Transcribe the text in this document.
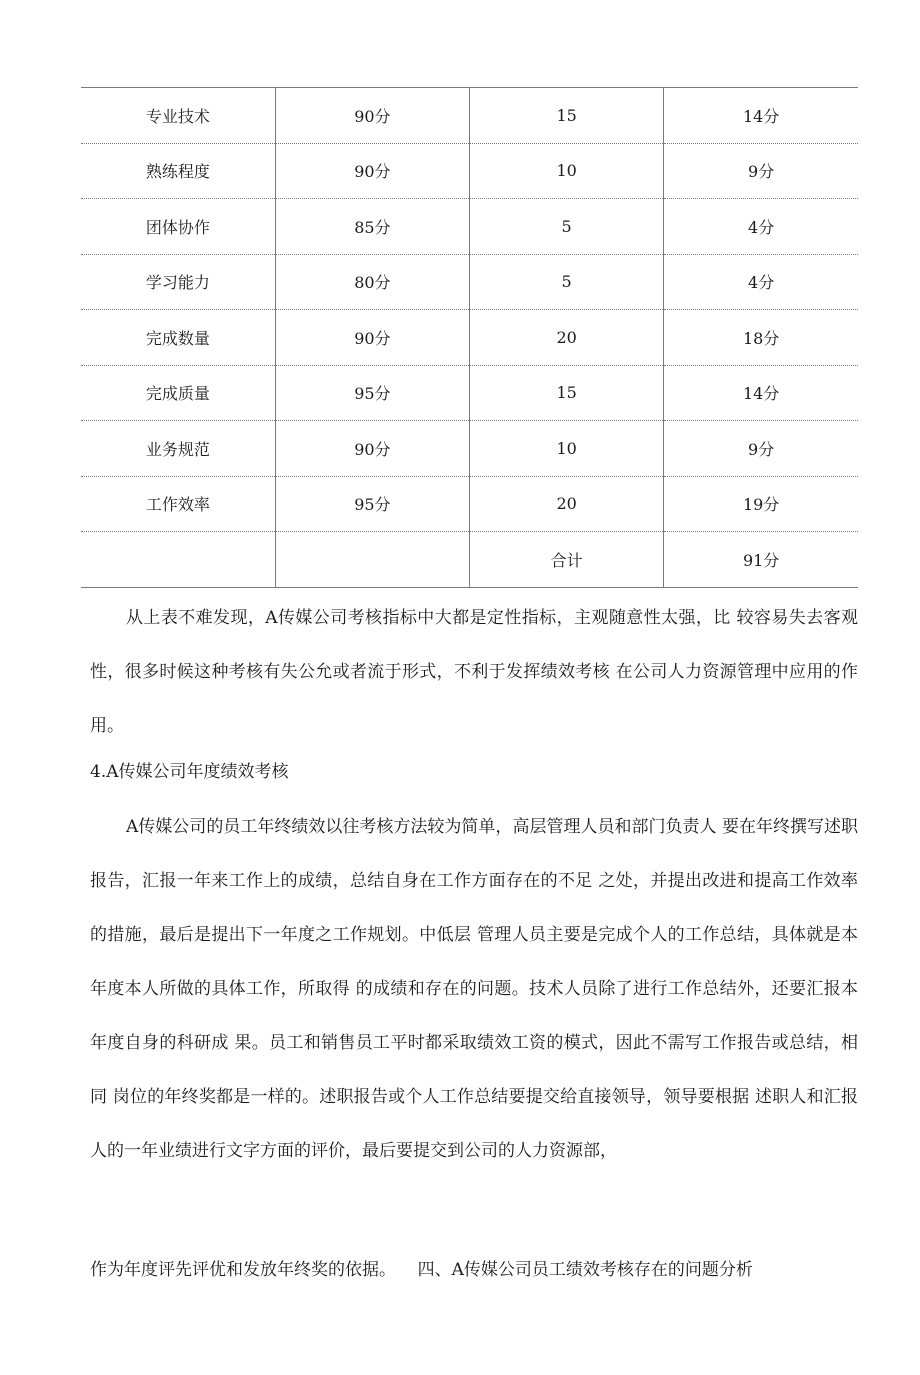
专业技术	90分	15	14分
熟练程度	90分	10	9分
团体协作	85分	5	4分
学习能力	80分	5	4分
完成数量	90分	20	18分
完成质量	95分	15	14分
业务规范	90分	10	9分
工作效率	95分	20	19分
		合计	91分

从上表不难发现，A传媒公司考核指标中大都是定性指标，主观随意性太强，比 较容易失去客观性，很多时候这种考核有失公允或者流于形式，不利于发挥绩效考核 在公司人力资源管理中应用的作用。

4.A传媒公司年度绩效考核

A传媒公司的员工年终绩效以往考核方法较为简单，高层管理人员和部门负责人 要在年终撰写述职报告，汇报一年来工作上的成绩，总结自身在工作方面存在的不足 之处，并提出改进和提高工作效率的措施，最后是提出下一年度之工作规划。中低层 管理人员主要是完成个人的工作总结，具体就是本年度本人所做的具体工作，所取得 的成绩和存在的问题。技术人员除了进行工作总结外，还要汇报本年度自身的科研成 果。员工和销售员工平时都采取绩效工资的模式，因此不需写工作报告或总结，相同 岗位的年终奖都是一样的。述职报告或个人工作总结要提交给直接领导，领导要根据 述职人和汇报人的一年业绩进行文字方面的评价，最后要提交到公司的人力资源部，

作为年度评先评优和发放年终奖的依据。 四、A传媒公司员工绩效考核存在的问题分析
